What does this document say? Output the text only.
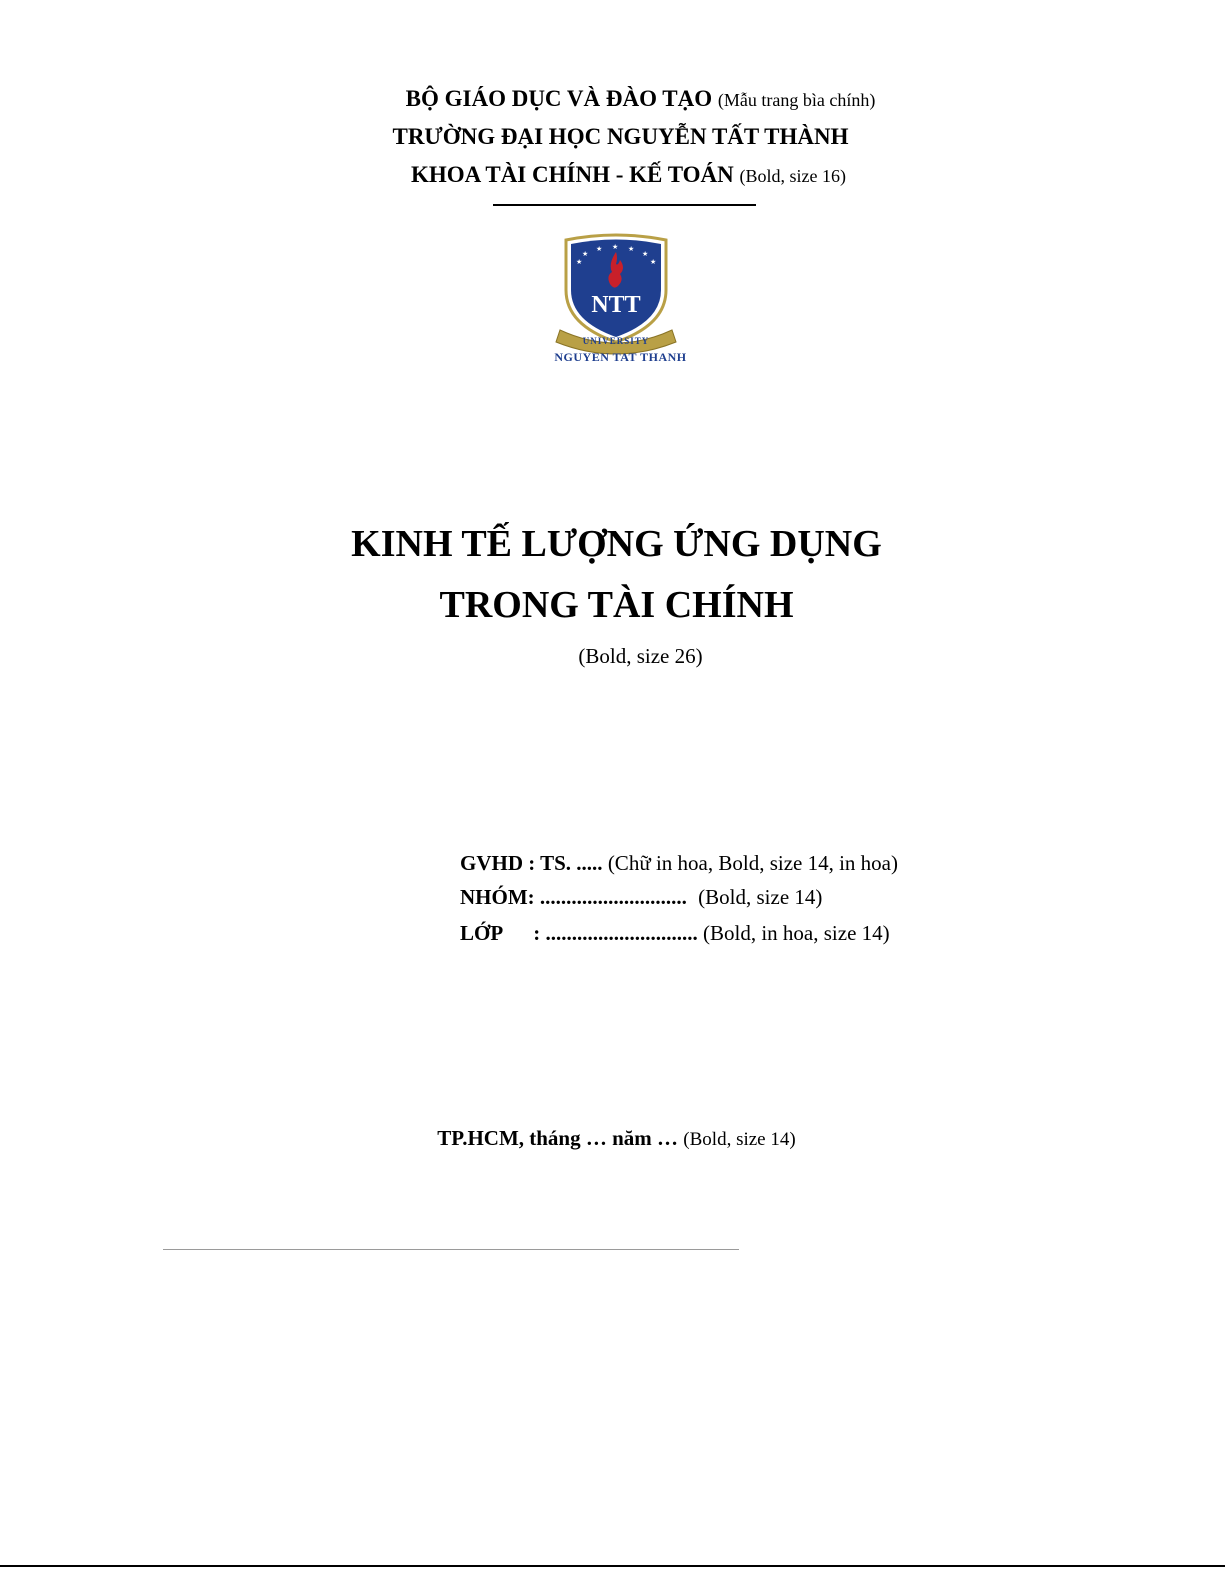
BỘ GIÁO DỤC VÀ ĐÀO TẠO (Mẫu trang bìa chính)
TRƯỜNG ĐẠI HỌC NGUYỄN TẤT THÀNH
KHOA TÀI CHÍNH - KẾ TOÁN (Bold, size 16)
★
★ ★ ★
★
★
★
NTT
UNIVERSITY
NGUYEN TAT THANH
KINH TẾ LƯỢNG ỨNG DỤNG
TRONG TÀI CHÍNH
(Bold, size 26)
GVHD : TS. ..... (Chữ in hoa, Bold, size 14, in hoa)
NHÓM: ............................ (Bold, size 14)
LỚP : ............................. (Bold, in hoa, size 14)
TP.HCM, tháng … năm … (Bold, size 14)
